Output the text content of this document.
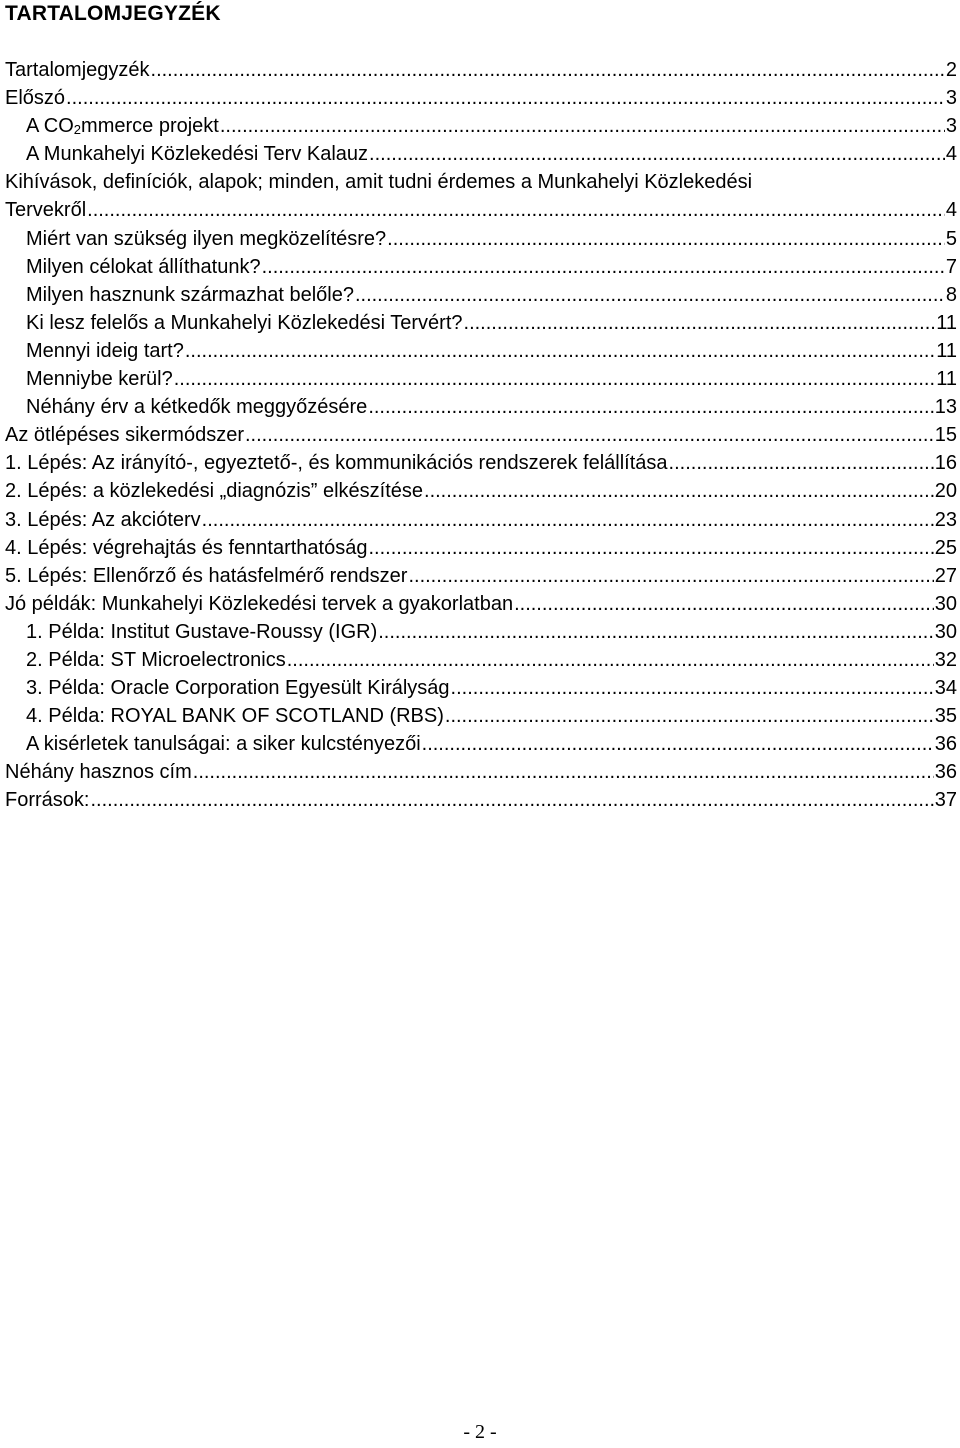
TARTALOMJEGYZÉK
Tartalomjegyzék .....	2
Előszó .....	3
A $CO_2mmerce$ projekt .....	3
A Munkahelyi Közlekedési Terv Kalauz .....	4
Kihívások, definíciók, alapok; minden, amit tudni érdemes a Munkahelyi Közlekedési
Tervekről .....	4
Miért van szükség ilyen megközelítésre? .....	5
Milyen célokat állíthatunk? .....	7
Milyen hasznunk származhat belőle? .....	8
Ki lesz felelős a Munkahelyi Közlekedési Tervért? .....	11
Mennyi ideig tart? .....	11
Menniybe kerül? .....	11
Néhány érv a kétkedők meggyőzésére .....	13
Az ötlépéses sikermódszer .....	15
1. Lépés: Az irányító-, egyeztető-, és kommunikációs rendszerek felállítása .....	16
2. Lépés: a közlekedési „diagnózis” elkészítése .....	20
3. Lépés: Az akcióterv .....	23
4. Lépés: végrehajtás és fenntarthatóság .....	25
5. Lépés: Ellenőrző és hatásfelmérő rendszer .....	27
Jó példák: Munkahelyi Közlekedési tervek a gyakorlatban .....	30
1. Példa: Institut Gustave-Roussy (IGR) .....	30
2. Példa: ST Microelectronics .....	32
3. Példa: Oracle Corporation Egyesült Királyság .....	34
4. Példa: ROYAL BANK OF SCOTLAND (RBS) .....	35
A kisérletek tanulságai: a siker kulcstényezői .....	36
Néhány hasznos cím .....	36
Források: .....	37
- 2 -
